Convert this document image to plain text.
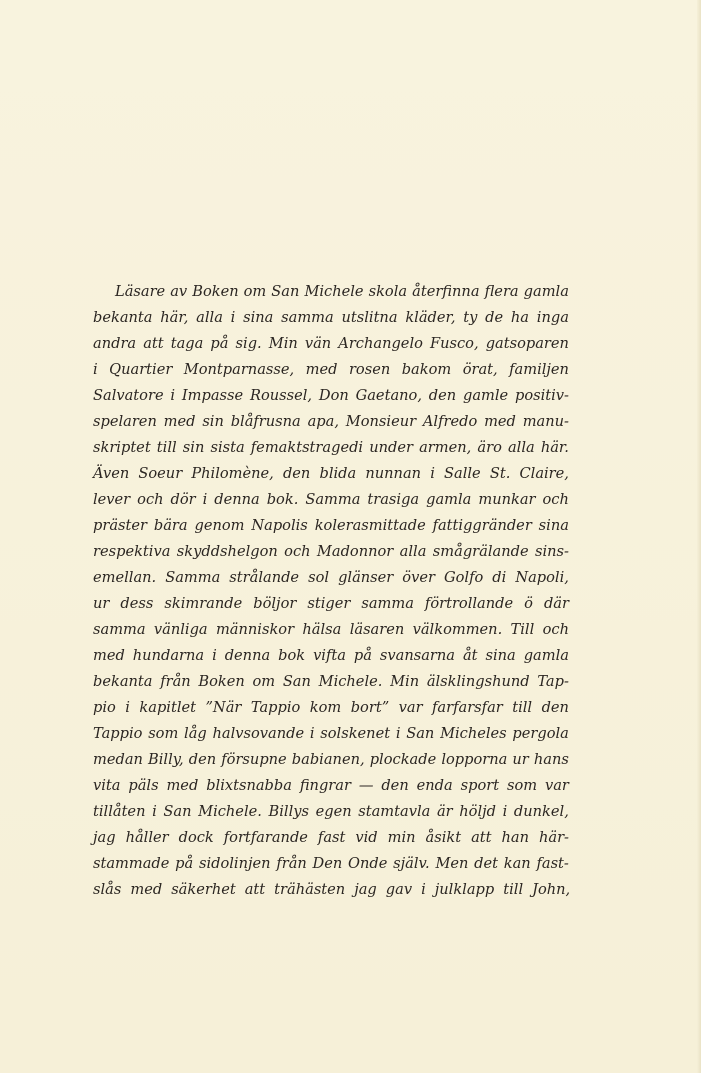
Läsare av Boken om San Michele skola återfinna flera gamla
bekanta här, alla i sina samma utslitna kläder, ty de ha inga
andra att taga på sig. Min vän Archangelo Fusco, gatsoparen
i Quartier Montparnasse, med rosen bakom örat, familjen
Salvatore i Impasse Roussel, Don Gaetano, den gamle positiv-
spelaren med sin blåfrusna apa, Monsieur Alfredo med manu-
skriptet till sin sista femaktstragedi under armen, äro alla här.
Även Soeur Philomène, den blida nunnan i Salle St. Claire,
lever och dör i denna bok. Samma trasiga gamla munkar och
präster bära genom Napolis kolerasmittade fattiggränder sina
respektiva skyddshelgon och Madonnor alla smågrälande sins-
emellan. Samma strålande sol glänser över Golfo di Napoli,
ur dess skimrande böljor stiger samma förtrollande ö där
samma vänliga människor hälsa läsaren välkommen. Till och
med hundarna i denna bok vifta på svansarna åt sina gamla
bekanta från Boken om San Michele. Min älsklingshund Tap-
pio i kapitlet ”När Tappio kom bort” var farfarsfar till den
Tappio som låg halvsovande i solskenet i San Micheles pergola
medan Billy, den försupne babianen, plockade lopporna ur hans
vita päls med blixtsnabba fingrar — den enda sport som var
tillåten i San Michele. Billys egen stamtavla är höljd i dunkel,
jag håller dock fortfarande fast vid min åsikt att han här-
stammade på sidolinjen från Den Onde själv. Men det kan fast-
slås med säkerhet att trähästen jag gav i julklapp till John,
